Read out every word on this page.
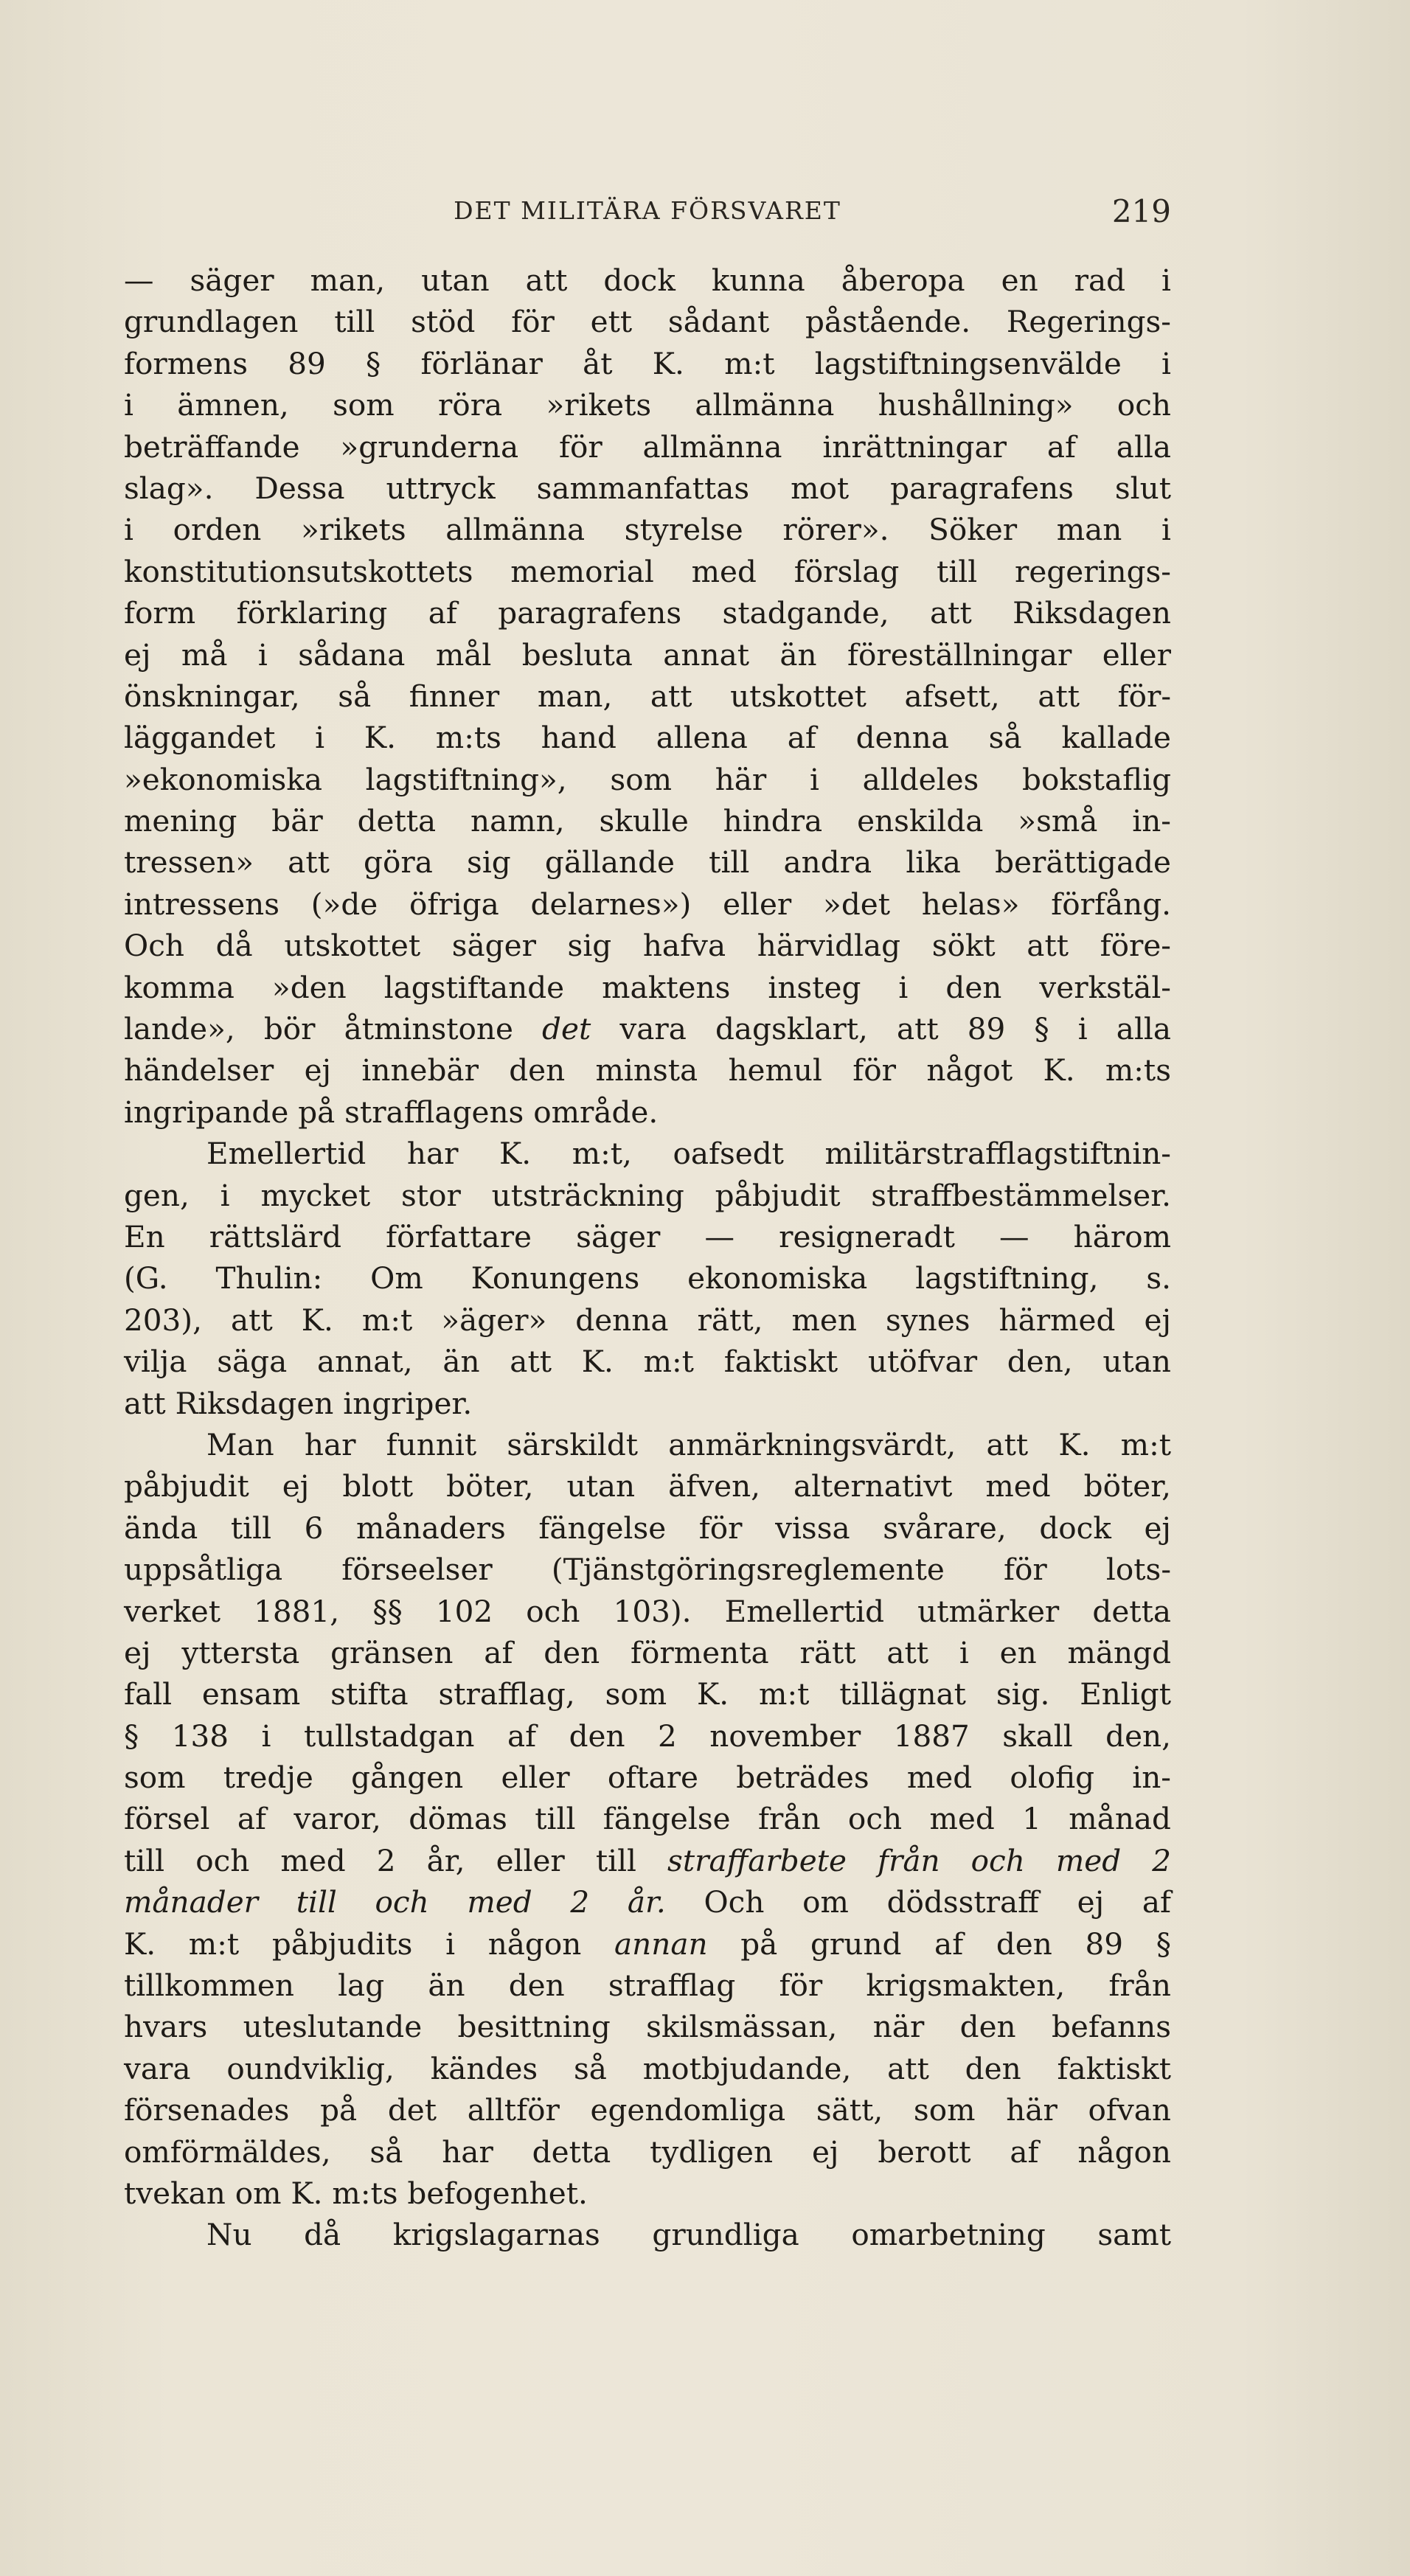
DET MILITÄRA FÖRSVARET	219
— säger man, utan att dock kunna åberopa en rad i
grundlagen till stöd för ett sådant påstående. Regerings-
formens 89 § förlänar åt K. m:t lagstiftningsenvälde i
i ämnen, som röra »rikets allmänna hushållning» och
beträffande »grunderna för allmänna inrättningar af alla
slag». Dessa uttryck sammanfattas mot paragrafens slut
i orden »rikets allmänna styrelse rörer». Söker man i
konstitutionsutskottets memorial med förslag till regerings-
form förklaring af paragrafens stadgande, att Riksdagen
ej må i sådana mål besluta annat än föreställningar eller
önskningar, så finner man, att utskottet afsett, att för-
läggandet i K. m:ts hand allena af denna så kallade
»ekonomiska lagstiftning», som här i alldeles bokstaflig
mening bär detta namn, skulle hindra enskilda »små in-
tressen» att göra sig gällande till andra lika berättigade
intressens (»de öfriga delarnes») eller »det helas» förfång.
Och då utskottet säger sig hafva härvidlag sökt att före-
komma »den lagstiftande maktens insteg i den verkstäl-
lande», bör åtminstone det vara dagsklart, att 89 § i alla
händelser ej innebär den minsta hemul för något K. m:ts
ingripande på strafflagens område.
Emellertid har K. m:t, oafsedt militärstrafflagstiftnin-
gen, i mycket stor utsträckning påbjudit straffbestämmelser.
En rättslärd författare säger — resigneradt — härom
(G. Thulin: Om Konungens ekonomiska lagstiftning, s.
203), att K. m:t »äger» denna rätt, men synes härmed ej
vilja säga annat, än att K. m:t faktiskt utöfvar den, utan
att Riksdagen ingriper.
Man har funnit särskildt anmärkningsvärdt, att K. m:t
påbjudit ej blott böter, utan äfven, alternativt med böter,
ända till 6 månaders fängelse för vissa svårare, dock ej
uppsåtliga förseelser (Tjänstgöringsreglemente för lots-
verket 1881, §§ 102 och 103). Emellertid utmärker detta
ej yttersta gränsen af den förmenta rätt att i en mängd
fall ensam stifta strafflag, som K. m:t tillägnat sig. Enligt
§ 138 i tullstadgan af den 2 november 1887 skall den,
som tredje gången eller oftare beträdes med olofig in-
försel af varor, dömas till fängelse från och med 1 månad
till och med 2 år, eller till straffarbete från och med 2
månader till och med 2 år. Och om dödsstraff ej af
K. m:t påbjudits i någon annan på grund af den 89 §
tillkommen lag än den strafflag för krigsmakten, från
hvars uteslutande besittning skilsmässan, när den befanns
vara oundviklig, kändes så motbjudande, att den faktiskt
försenades på det alltför egendomliga sätt, som här ofvan
omförmäldes, så har detta tydligen ej berott af någon
tvekan om K. m:ts befogenhet.
Nu då krigslagarnas grundliga omarbetning samt
